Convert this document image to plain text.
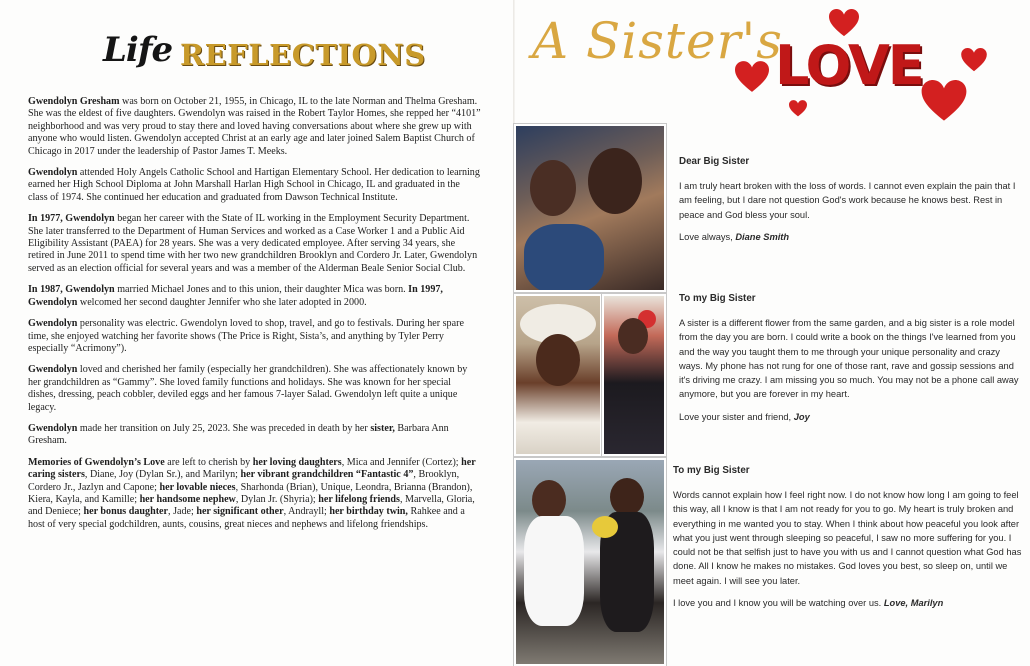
Life REFLECTIONS

Gwendolyn Gresham was born on October 21, 1955, in Chicago, IL to the late Norman and Thelma Gresham. She was the eldest of five daughters. Gwendolyn was raised in the Robert Taylor Homes, she repped her “4101” neighborhood and was very proud to stay there and loved having conversations about where she grew up with anyone who would listen. Gwendolyn accepted Christ at an early age and later joined Salem Baptist Church of Chicago in 2017 under the leadership of Pastor James T. Meeks.

Gwendolyn attended Holy Angels Catholic School and Hartigan Elementary School. Her dedication to learning earned her High School Diploma at John Marshall Harlan High School in Chicago, IL and graduated in the class of 1974. She continued her education and graduated from Dawson Technical Institute.

In 1977, Gwendolyn began her career with the State of IL working in the Employment Security Department. She later transferred to the Department of Human Services and worked as a Case Worker 1 and a Public Aid Eligibility Assistant (PAEA) for 28 years. She was a very dedicated employee. After serving 34 years, she retired in June 2011 to spend time with her two new grandchildren Brooklyn and Cordero Jr. Later, Gwendolyn served as an election official for several years and was a member of the Alderman Beale Senior Social Club.

In 1987, Gwendolyn married Michael Jones and to this union, their daughter Mica was born. In 1997, Gwendolyn welcomed her second daughter Jennifer who she later adopted in 2000.

Gwendolyn personality was electric. Gwendolyn loved to shop, travel, and go to festivals. During her spare time, she enjoyed watching her favorite shows (The Price is Right, Sista’s, and anything by Tyler Perry especially “Acrimony”).

Gwendolyn loved and cherished her family (especially her grandchildren). She was affectionately known by her grandchildren as “Gammy”. She loved family functions and holidays. She was known for her special dishes, dressing, peach cobbler, deviled eggs and her famous 7-layer Salad. Gwendolyn left quite a unique legacy.

Gwendolyn made her transition on July 25, 2023. She was preceded in death by her sister, Barbara Ann Gresham.

Memories of Gwendolyn’s Love are left to cherish by her loving daughters, Mica and Jennifer (Cortez); her caring sisters, Diane, Joy (Dylan Sr.), and Marilyn; her vibrant grandchildren “Fantastic 4”, Brooklyn, Cordero Jr., Jazlyn and Capone; her lovable nieces, Sharhonda (Brian), Unique, Leondra, Brianna (Brandon), Kiera, Kayla, and Kamille; her handsome nephew, Dylan Jr. (Shyria); her lifelong friends, Marvella, Gloria, and Deniece; her bonus daughter, Jade; her significant other, Andrayll; her birthday twin, Rahkee and a host of very special godchildren, aunts, cousins, great nieces and nephews and lifelong friendships.

A Sister's
LOVE
Dear Big Sister

I am truly heart broken with the loss of words. I cannot even explain the pain that I am feeling, but I dare not question God's work because he knows best. Rest in peace and God bless your soul.

Love always, Diane Smith
To my Big Sister

A sister is a different flower from the same garden, and a big sister is a role model from the day you are born. I could write a book on the things I've learned from you and the way you taught them to me through your unique personality and crazy ways. My phone has not rung for one of those rant, rave and gossip sessions and it's driving me crazy. I am missing you so much. You may not be a phone call away anymore, but you are forever in my heart.

Love your sister and friend, Joy
To my Big Sister

Words cannot explain how I feel right now. I do not know how long I am going to feel this way, all I know is that I am not ready for you to go. My heart is truly broken and everything in me wanted you to stay. When I think about how peaceful you look after what you just went through sleeping so peaceful, I saw no more suffering for you. I could not be that selfish just to have you with us and I cannot question what God has done. All I know he makes no mistakes. God loves you best, so sleep on, until we meet again. I will see you later.

I love you and I know you will be watching over us. Love, Marilyn
